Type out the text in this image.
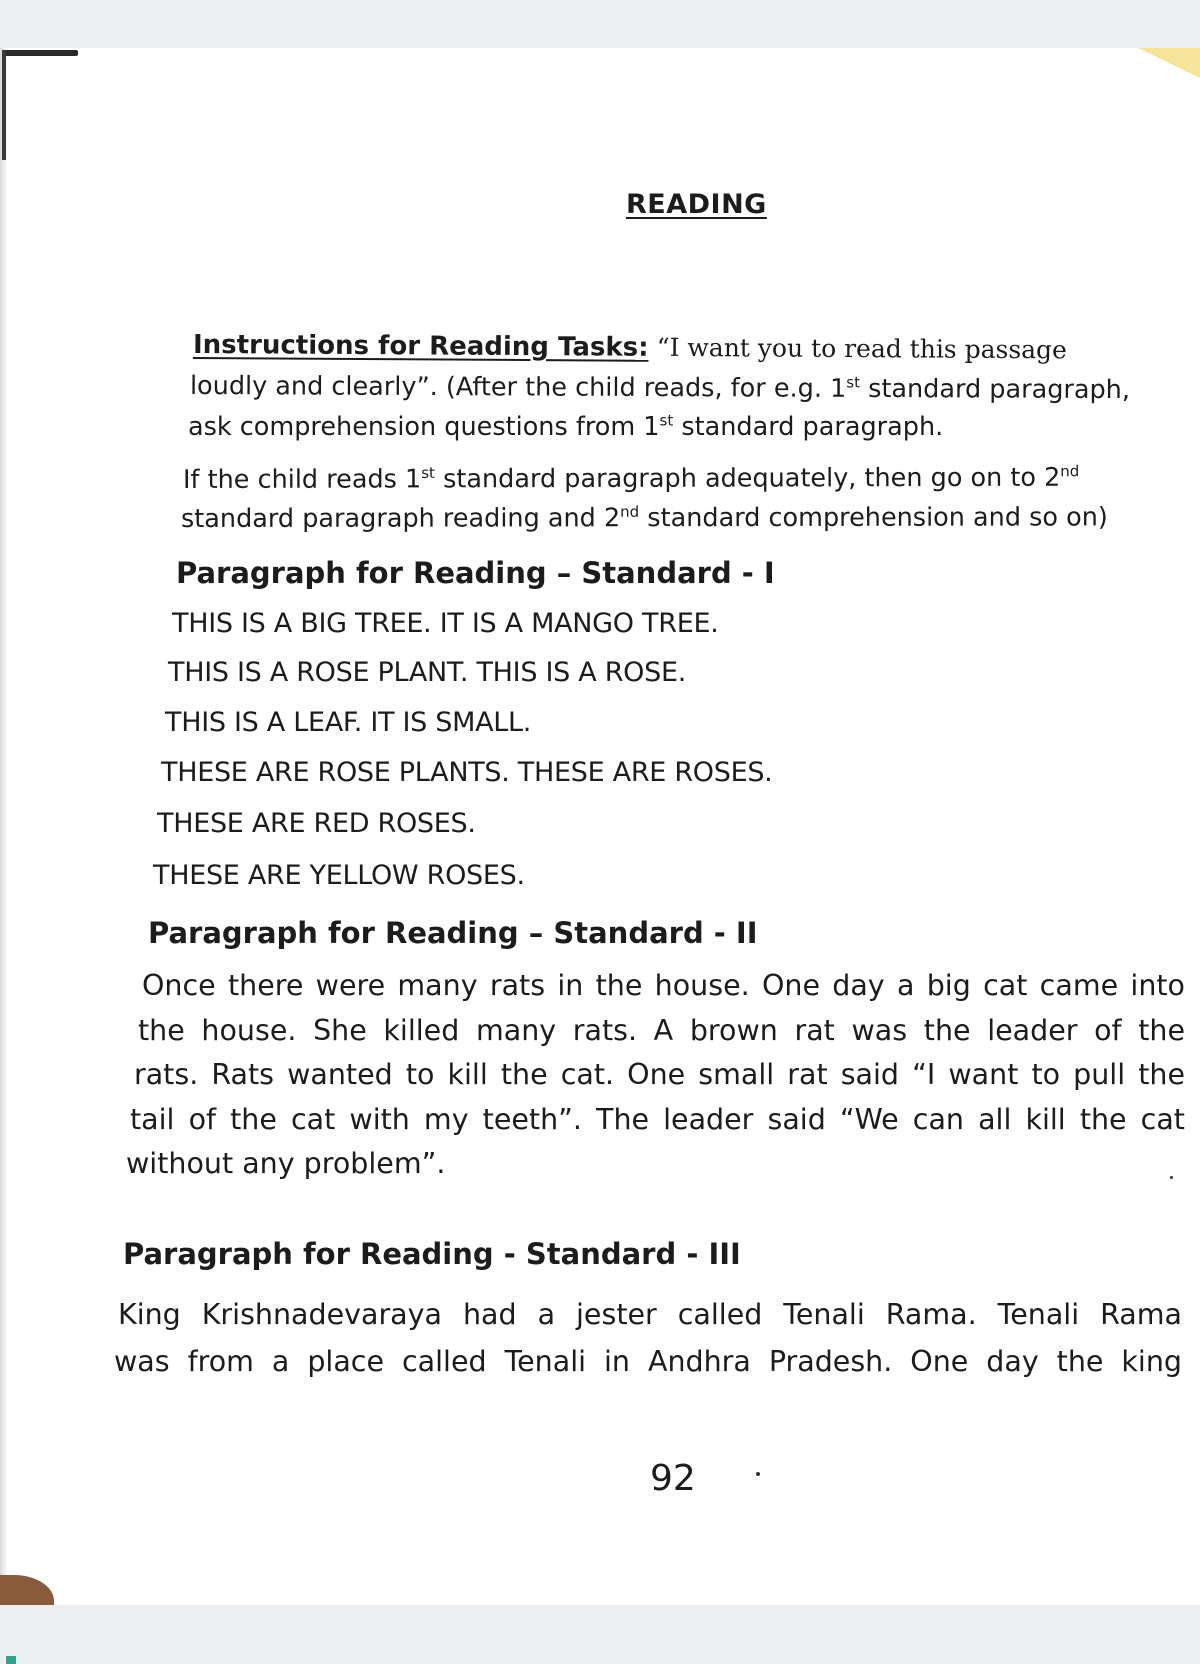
READING
Instructions for Reading Tasks: “I want you to read this passage
loudly and clearly”. (After the child reads, for e.g. 1st standard paragraph,
ask comprehension questions from 1st standard paragraph.
If the child reads 1st standard paragraph adequately, then go on to 2nd
standard paragraph reading and 2nd standard comprehension and so on)
Paragraph for Reading – Standard - I
THIS IS A BIG TREE. IT IS A MANGO TREE.
THIS IS A ROSE PLANT. THIS IS A ROSE.
THIS IS A LEAF. IT IS SMALL.
THESE ARE ROSE PLANTS. THESE ARE ROSES.
THESE ARE RED ROSES.
THESE ARE YELLOW ROSES.
Paragraph for Reading – Standard - II
Once there were many rats in the house. One day a big cat came into
the house. She killed many rats. A brown rat was the leader of the
rats. Rats wanted to kill the cat. One small rat said “I want to pull the
tail of the cat with my teeth”. The leader said “We can all kill the cat
without any problem”.
Paragraph for Reading - Standard - III
King Krishnadevaraya had a jester called Tenali Rama. Tenali Rama
was from a place called Tenali in Andhra Pradesh. One day the king
92
